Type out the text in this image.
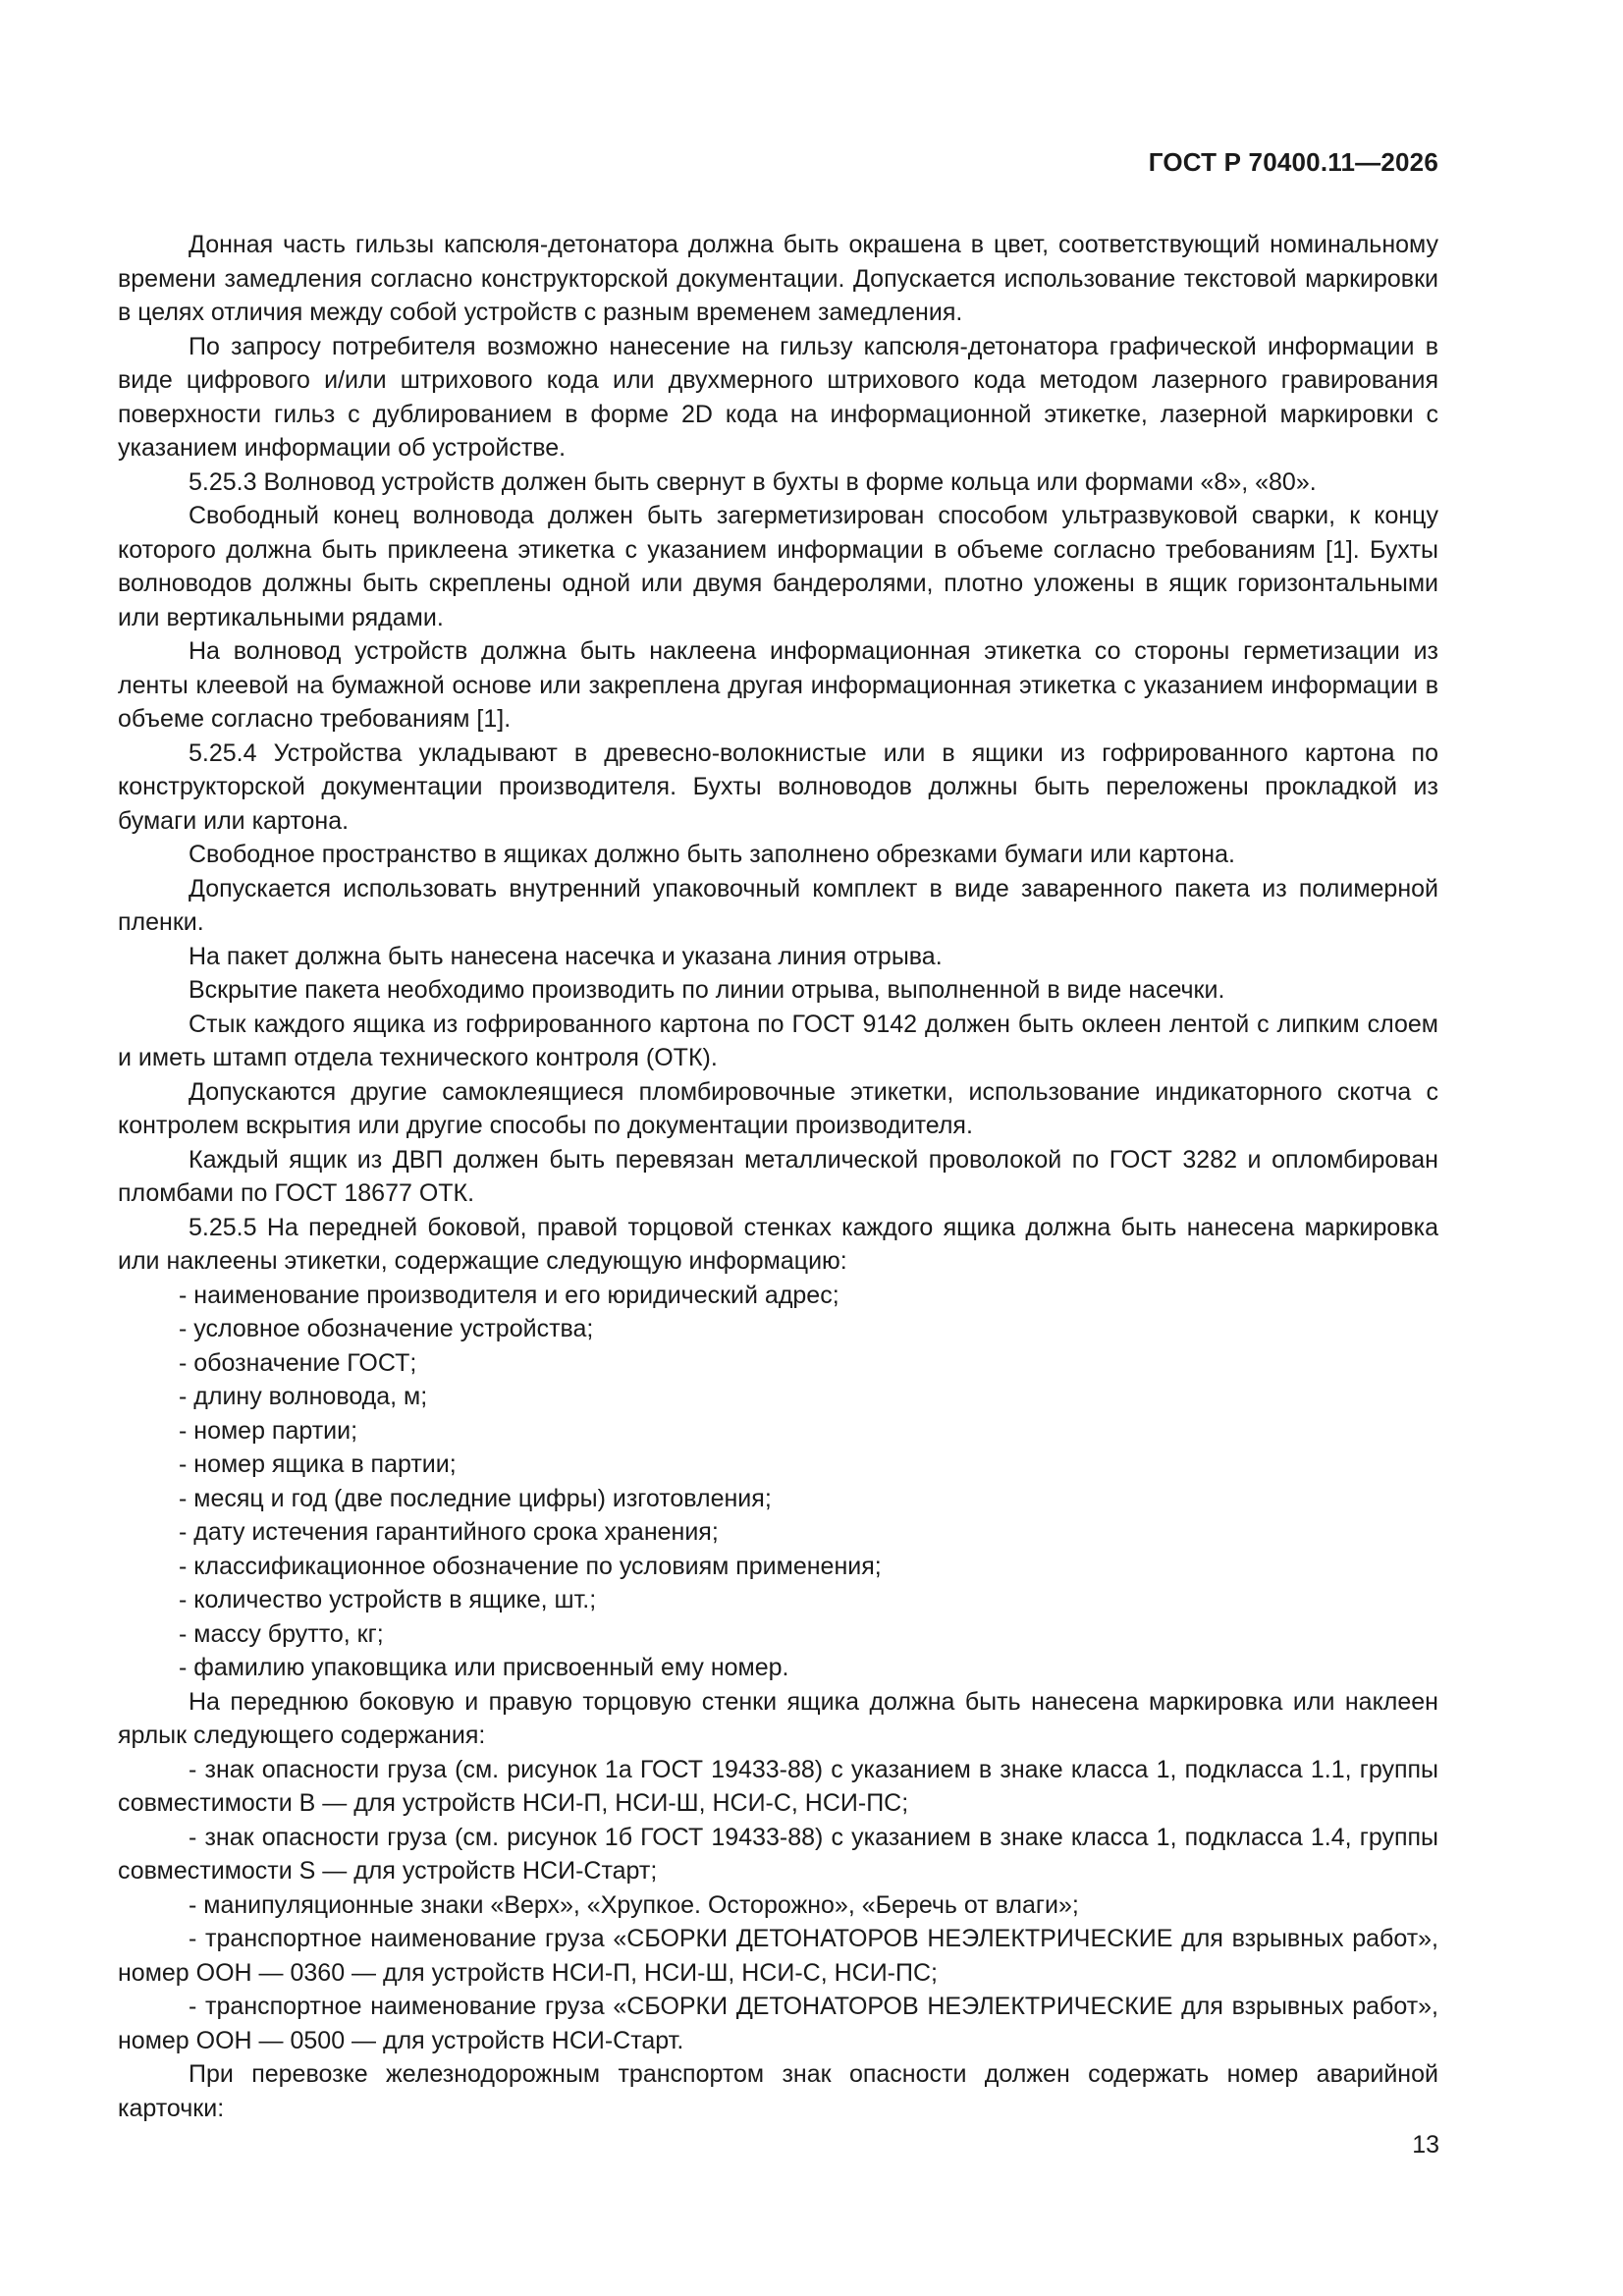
ГОСТ Р 70400.11—2026

Донная часть гильзы капсюля-детонатора должна быть окрашена в цвет, соответствующий номинальному времени замедления согласно конструкторской документации. Допускается использование текстовой маркировки в целях отличия между собой устройств с разным временем замедления.

По запросу потребителя возможно нанесение на гильзу капсюля-детонатора графической информации в виде цифрового и/или штрихового кода или двухмерного штрихового кода методом лазерного гравирования поверхности гильз с дублированием в форме 2D кода на информационной этикетке, лазерной маркировки с указанием информации об устройстве.

5.25.3 Волновод устройств должен быть свернут в бухты в форме кольца или формами «8», «80».

Свободный конец волновода должен быть загерметизирован способом ультразвуковой сварки, к концу которого должна быть приклеена этикетка с указанием информации в объеме согласно требованиям [1]. Бухты волноводов должны быть скреплены одной или двумя бандеролями, плотно уложены в ящик горизонтальными или вертикальными рядами.

На волновод устройств должна быть наклеена информационная этикетка со стороны герметизации из ленты клеевой на бумажной основе или закреплена другая информационная этикетка с указанием информации в объеме согласно требованиям [1].

5.25.4 Устройства укладывают в древесно-волокнистые или в ящики из гофрированного картона по конструкторской документации производителя. Бухты волноводов должны быть переложены прокладкой из бумаги или картона.

Свободное пространство в ящиках должно быть заполнено обрезками бумаги или картона.

Допускается использовать внутренний упаковочный комплект в виде заваренного пакета из полимерной пленки.

На пакет должна быть нанесена насечка и указана линия отрыва.

Вскрытие пакета необходимо производить по линии отрыва, выполненной в виде насечки.

Стык каждого ящика из гофрированного картона по ГОСТ 9142 должен быть оклеен лентой с липким слоем и иметь штамп отдела технического контроля (ОТК).

Допускаются другие самоклеящиеся пломбировочные этикетки, использование индикаторного скотча с контролем вскрытия или другие способы по документации производителя.

Каждый ящик из ДВП должен быть перевязан металлической проволокой по ГОСТ 3282 и опломбирован пломбами по ГОСТ 18677 ОТК.

5.25.5 На передней боковой, правой торцовой стенках каждого ящика должна быть нанесена маркировка или наклеены этикетки, содержащие следующую информацию:

- наименование производителя и его юридический адрес;

- условное обозначение устройства;

- обозначение ГОСТ;

- длину волновода, м;

- номер партии;

- номер ящика в партии;

- месяц и год (две последние цифры) изготовления;

- дату истечения гарантийного срока хранения;

- классификационное обозначение по условиям применения;

- количество устройств в ящике, шт.;

- массу брутто, кг;

- фамилию упаковщика или присвоенный ему номер.

На переднюю боковую и правую торцовую стенки ящика должна быть нанесена маркировка или наклеен ярлык следующего содержания:

- знак опасности груза (см. рисунок 1а ГОСТ 19433-88) с указанием в знаке класса 1, подкласса 1.1, группы совместимости В — для устройств НСИ-П, НСИ-Ш, НСИ-С, НСИ-ПС;

- знак опасности груза (см. рисунок 1б ГОСТ 19433-88) с указанием в знаке класса 1, подкласса 1.4, группы совместимости S — для устройств НСИ-Старт;

- манипуляционные знаки «Верх», «Хрупкое. Осторожно», «Беречь от влаги»;

- транспортное наименование груза «СБОРКИ ДЕТОНАТОРОВ НЕЭЛЕКТРИЧЕСКИЕ для взрывных работ», номер ООН — 0360 — для устройств НСИ-П, НСИ-Ш, НСИ-С, НСИ-ПС;

- транспортное наименование груза «СБОРКИ ДЕТОНАТОРОВ НЕЭЛЕКТРИЧЕСКИЕ для взрывных работ», номер ООН — 0500 — для устройств НСИ-Старт.

При перевозке железнодорожным транспортом знак опасности должен содержать номер аварийной карточки:

13
